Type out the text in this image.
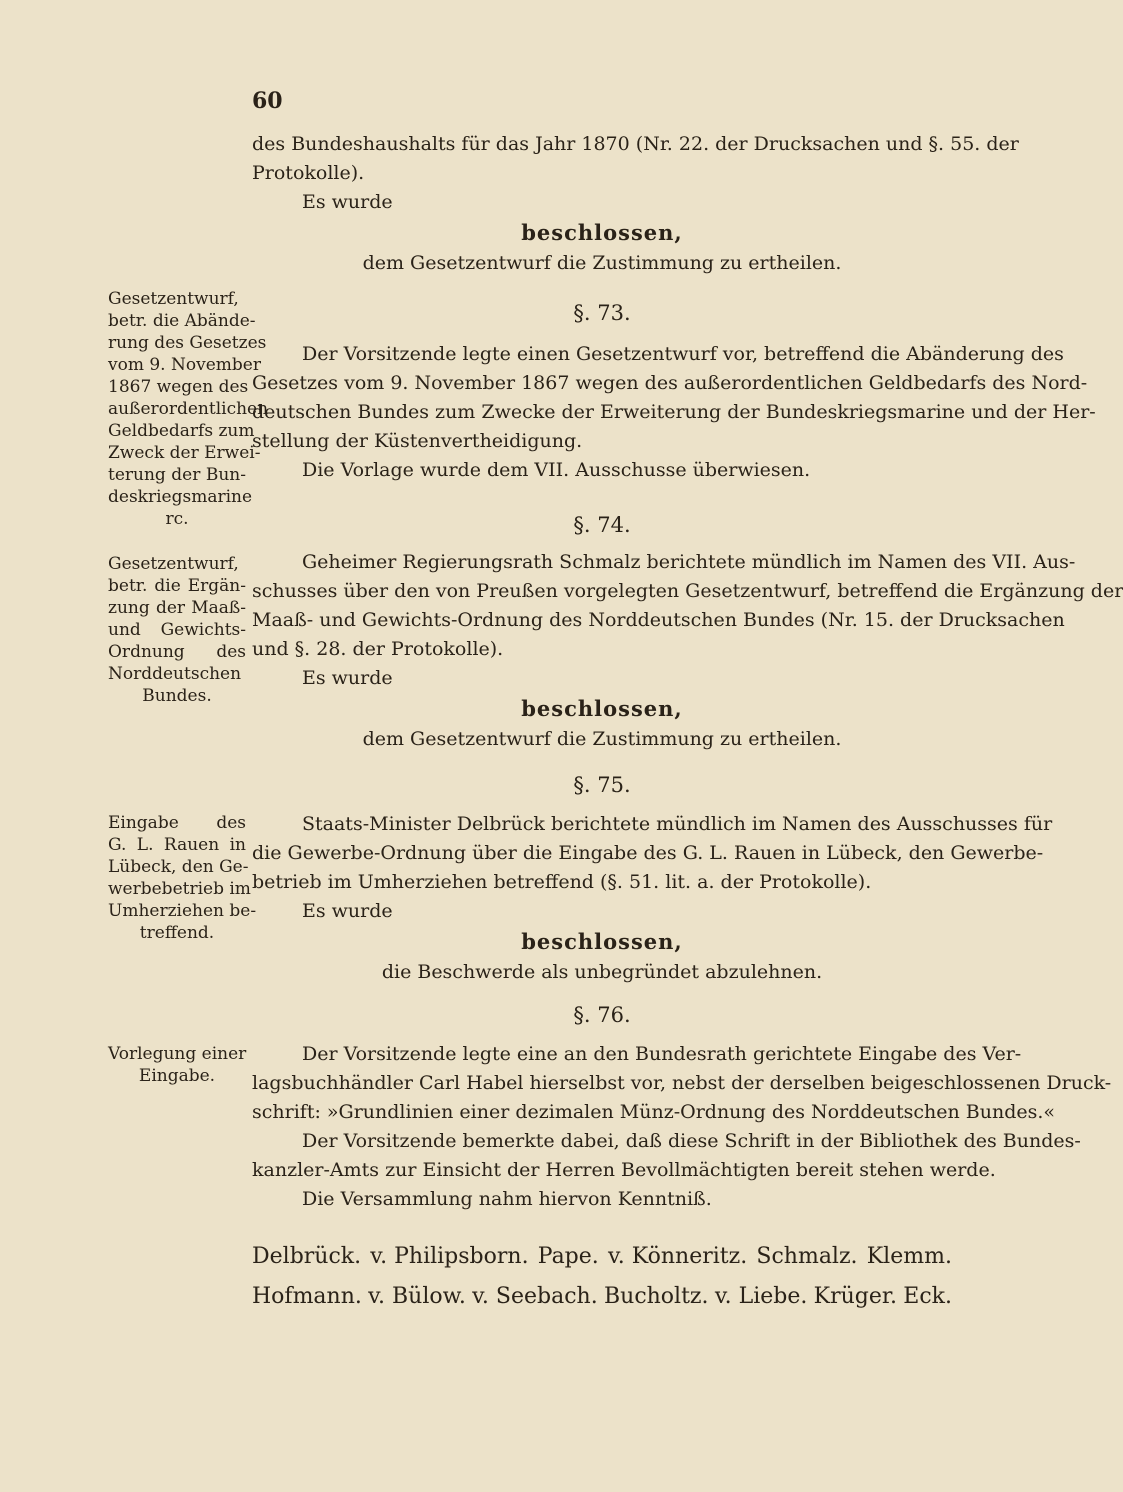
60
des Bundeshaushalts für das Jahr 1870 (Nr. 22. der Drucksachen und §. 55. der
Protokolle).
Es wurde
beschlossen,
dem Gesetzentwurf die Zustimmung zu ertheilen.
Gesetzentwurf,
betr. die Abände-
rung des Gesetzes
vom 9. November
1867 wegen des
außerordentlichen
Geldbedarfs zum
Zweck der Erwei-
terung der Bun-
deskriegsmarine
rc.
§. 73.
Der Vorsitzende legte einen Gesetzentwurf vor, betreffend die Abänderung des
Gesetzes vom 9. November 1867 wegen des außerordentlichen Geldbedarfs des Nord-
deutschen Bundes zum Zwecke der Erweiterung der Bundeskriegsmarine und der Her-
stellung der Küstenvertheidigung.
Die Vorlage wurde dem VII. Ausschusse überwiesen.
Gesetzentwurf,
betr. die Ergän-
zung der Maaß-
und Gewichts-
Ordnung des
Norddeutschen
Bundes.
§. 74.
Geheimer Regierungsrath Schmalz berichtete mündlich im Namen des VII. Aus-
schusses über den von Preußen vorgelegten Gesetzentwurf, betreffend die Ergänzung der
Maaß- und Gewichts-Ordnung des Norddeutschen Bundes (Nr. 15. der Drucksachen
und §. 28. der Protokolle).
Es wurde
beschlossen,
dem Gesetzentwurf die Zustimmung zu ertheilen.
Eingabe des
G. L. Rauen in
Lübeck, den Ge-
werbebetrieb im
Umherziehen be-
treffend.
§. 75.
Staats-Minister Delbrück berichtete mündlich im Namen des Ausschusses für
die Gewerbe-Ordnung über die Eingabe des G. L. Rauen in Lübeck, den Gewerbe-
betrieb im Umherziehen betreffend (§. 51. lit. a. der Protokolle).
Es wurde
beschlossen,
die Beschwerde als unbegründet abzulehnen.
Vorlegung einer
Eingabe.
§. 76.
Der Vorsitzende legte eine an den Bundesrath gerichtete Eingabe des Ver-
lagsbuchhändler Carl Habel hierselbst vor, nebst der derselben beigeschlossenen Druck-
schrift: »Grundlinien einer dezimalen Münz-Ordnung des Norddeutschen Bundes.«
Der Vorsitzende bemerkte dabei, daß diese Schrift in der Bibliothek des Bundes-
kanzler-Amts zur Einsicht der Herren Bevollmächtigten bereit stehen werde.
Die Versammlung nahm hiervon Kenntniß.
Delbrück. v. Philipsborn. Pape. v. Könneritz. Schmalz. Klemm.
Hofmann. v. Bülow. v. Seebach. Bucholtz. v. Liebe. Krüger. Eck.
